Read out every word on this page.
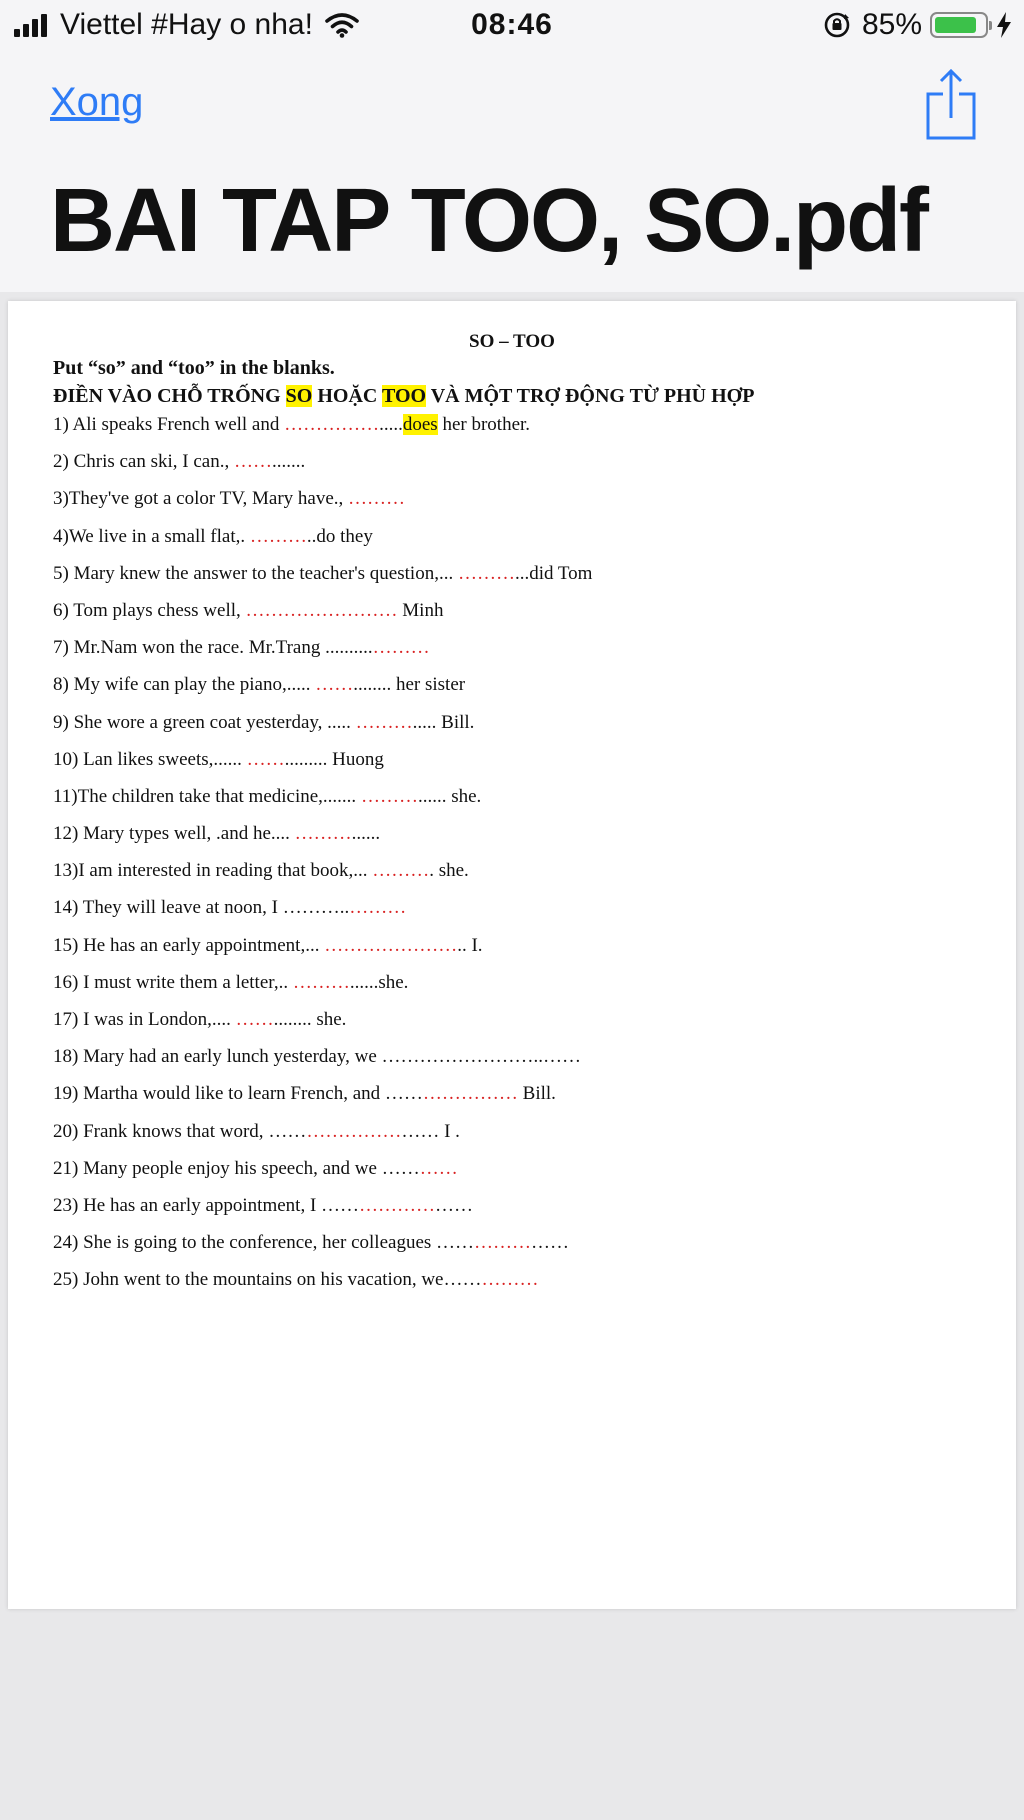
Viettel #Hay o nha!	08:46	85%
Xong
BAI TAP TOO, SO.pdf
SO – TOO
Put “so” and “too” in the blanks.
ĐIỀN VÀO CHỖ TRỐNG SO HOẶC TOO VÀ MỘT TRỢ ĐỘNG TỪ PHÙ HỢP
1) Ali speaks French well and …………….....does her brother.
2) Chris can ski, I can., …….......
3)They've got a color TV, Mary have., ………
4)We live in a small flat,. ………..do they
5) Mary knew the answer to the teacher's question,... ………...did Tom
6) Tom plays chess well, …………………… Minh
7) Mr.Nam won the race. Mr.Trang ..........………
8) My wife can play the piano,..... ……........ her sister
9) She wore a green coat yesterday, ..... ………..... Bill.
10) Lan likes sweets,...... ……......... Huong
11)The children take that medicine,....... ………...... she.
12) Mary types well, .and he.... ………......
13)I am interested in reading that book,... ………. she.
14) They will leave at noon, I ………..………
15) He has an early appointment,... ………………….. I.
16) I must write them a letter,.. ………......she.
17) I was in London,.... ……........ she.
18) Mary had an early lunch yesterday, we ……………………..……
19) Martha would like to learn French, and ………………… Bill.
20) Frank knows that word, ……………………… I .
21) Many people enjoy his speech, and we …………
23) He has an early appointment, I ……………………
24) She is going to the conference, her colleagues …………………
25) John went to the mountains on his vacation, we……………
